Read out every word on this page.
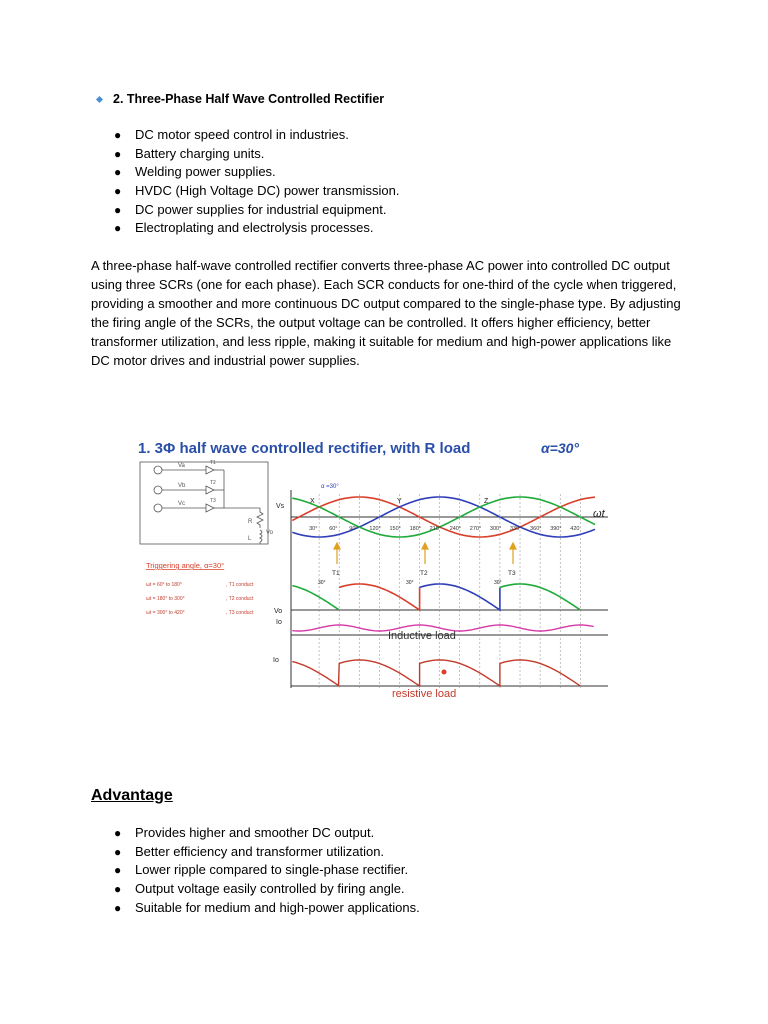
2. Three-Phase Half Wave Controlled Rectifier
●	DC motor speed control in industries.
●	Battery charging units.
●	Welding power supplies.
●	HVDC (High Voltage DC) power transmission.
●	DC power supplies for industrial equipment.
●	Electroplating and electrolysis processes.
A three-phase half-wave controlled rectifier converts three-phase AC power into controlled DC output using three SCRs (one for each phase). Each SCR conducts for one-third of the cycle when triggered, providing a smoother and more continuous DC output compared to the single-phase type. By adjusting the firing angle of the SCRs, the output voltage can be controlled. It offers higher efficiency, better transformer utilization, and less ripple, making it suitable for medium and high-power applications like DC motor drives and industrial power supplies.
1. 3Φ half wave controlled rectifier, with R load	α=30°
Va
Vb
Vc
T1
T2
T3
R
L
Vo
Triggering angle, α=30°
ωt = 60° to 180°	, T1 conduct
ωt = 180° to 300°	, T2 conduct
ωt = 300° to 420°	, T3 conduct
Vs
Vo
Io
Io
X	Y	Z
ωt
α =30°
T1	T2	T3
30°	30°	30°
30° 60° 90° 120° 150° 180° 210° 240° 270° 300° 330° 360° 390° 420
Inductive load
resistive load
Advantage
●	Provides higher and smoother DC output.
●	Better efficiency and transformer utilization.
●	Lower ripple compared to single-phase rectifier.
●	Output voltage easily controlled by firing angle.
●	Suitable for medium and high-power applications.
